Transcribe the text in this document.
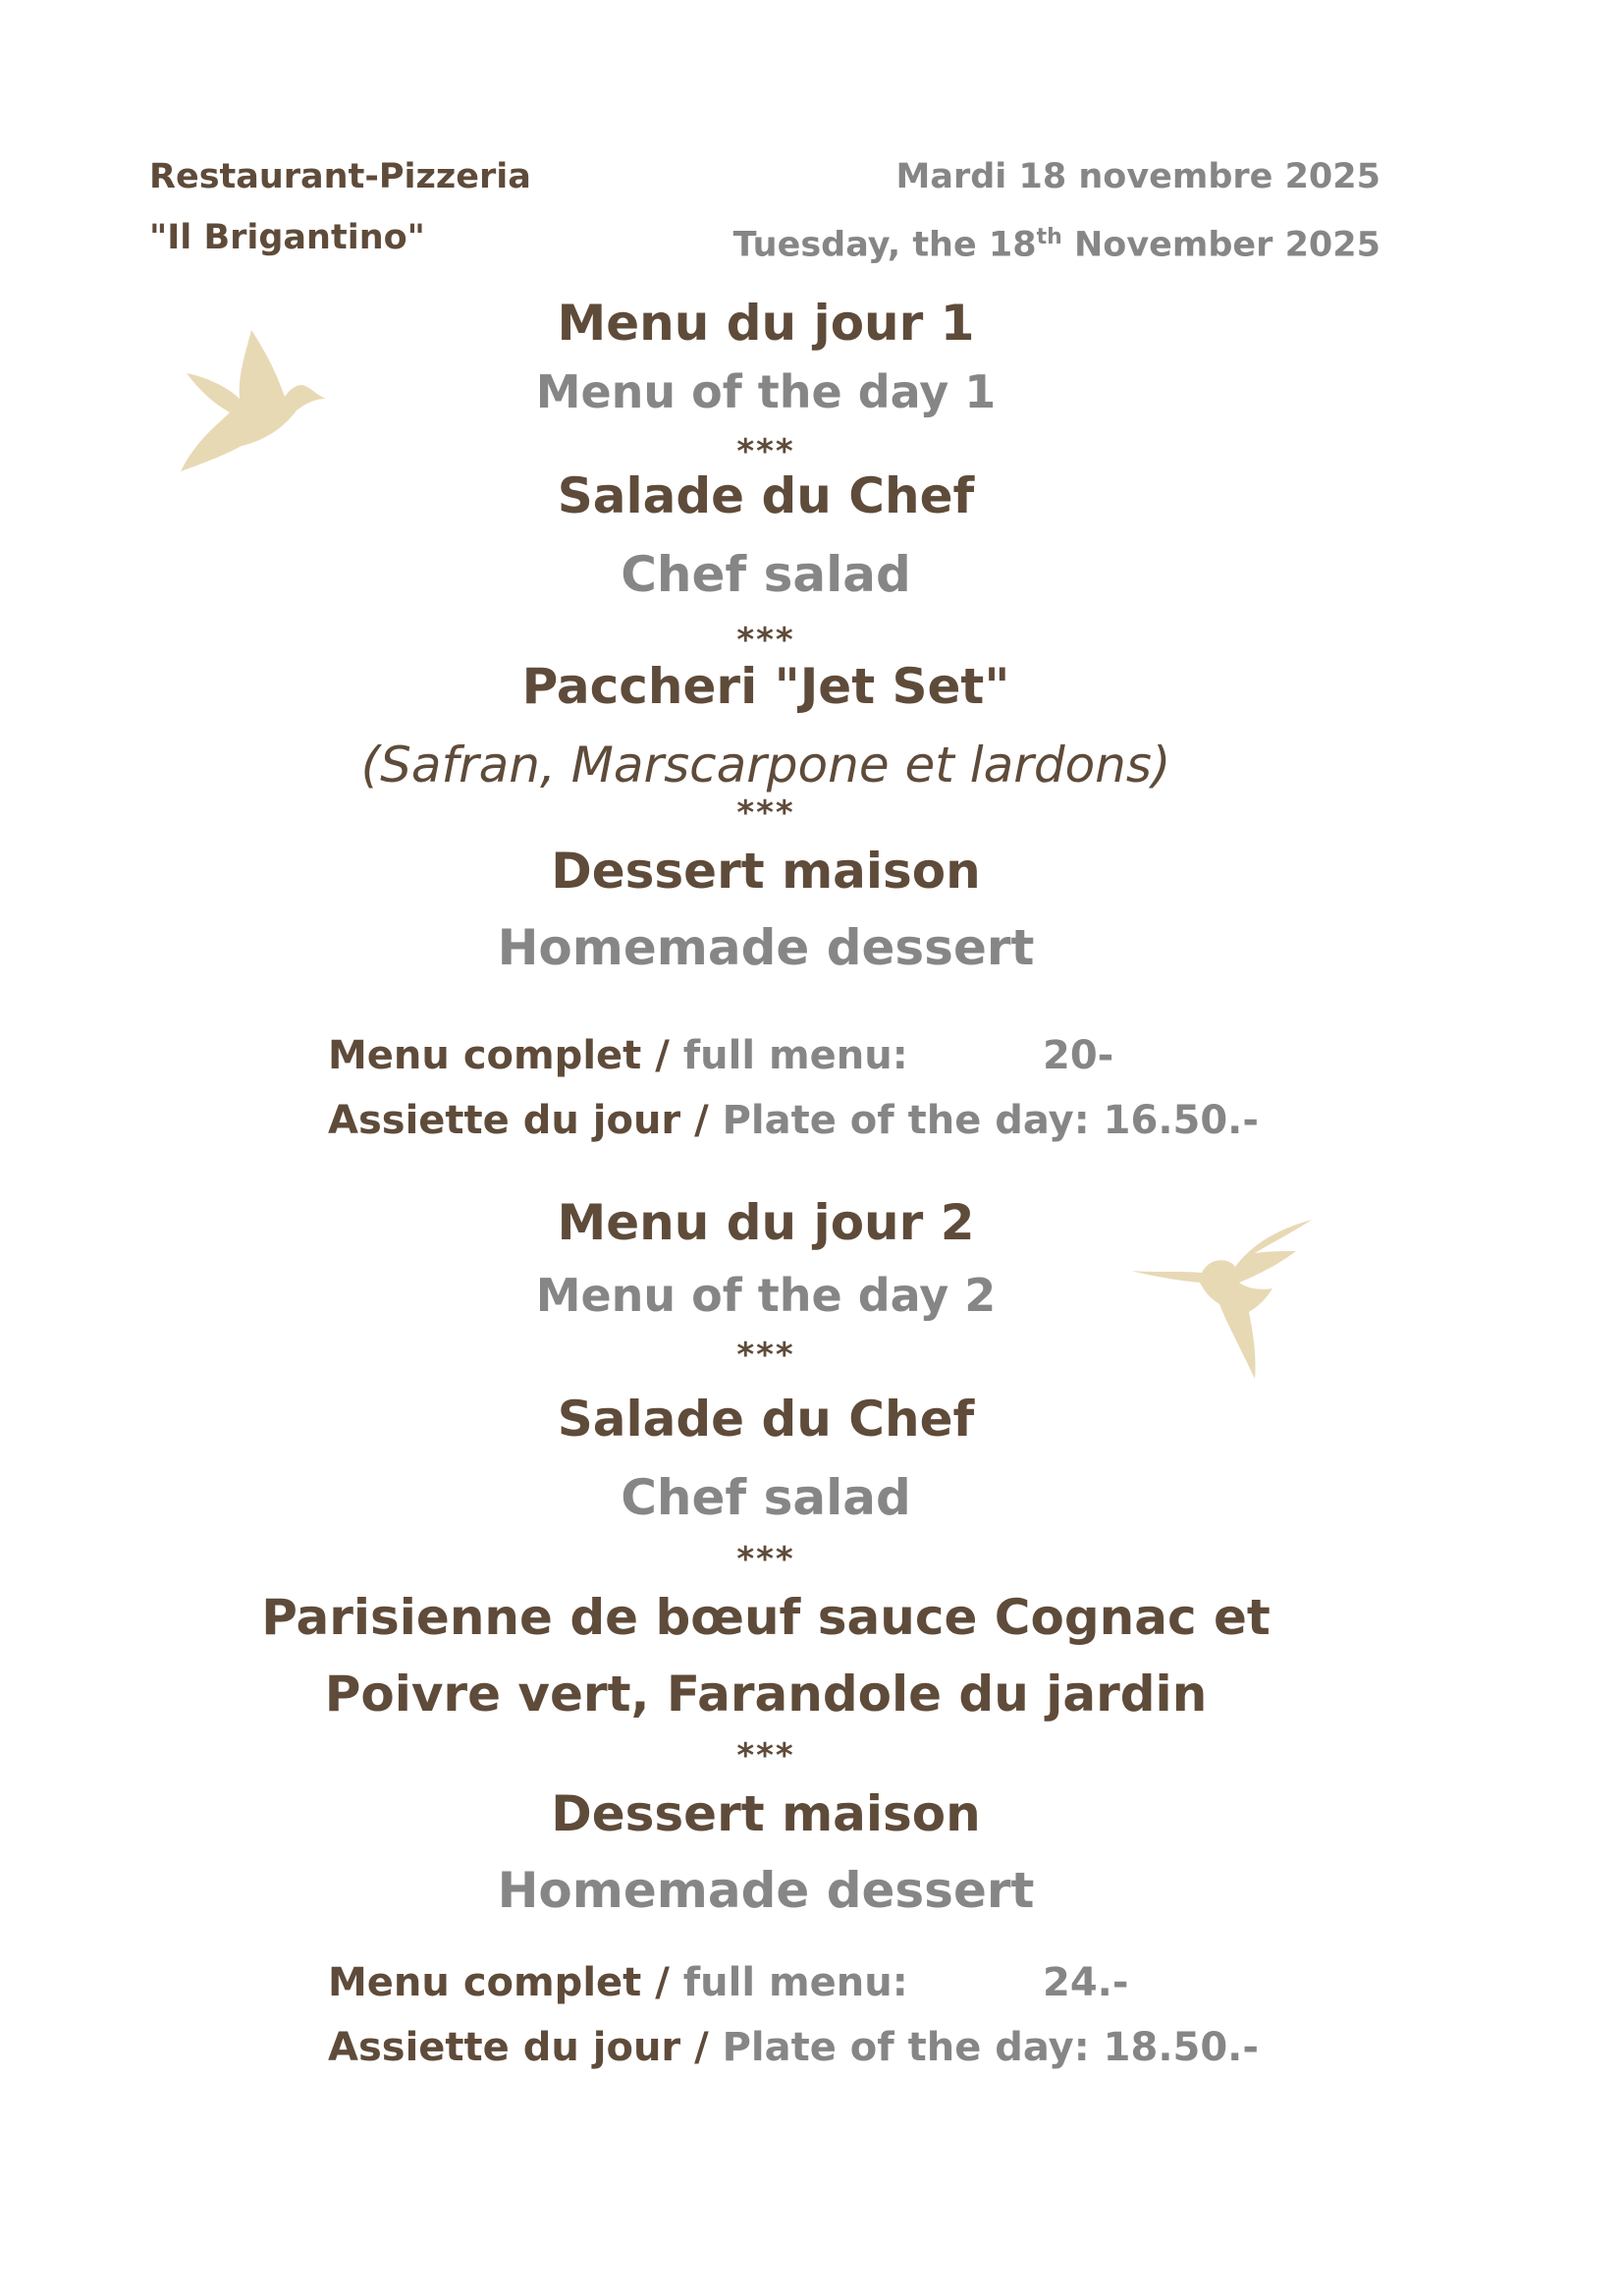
Restaurant-Pizzeria
"Il Brigantino"
Mardi 18 novembre 2025
Tuesday, the 18th November 2025
Menu du jour 1
Menu of the day 1
***
Salade du Chef
Chef salad
***
Paccheri "Jet Set"
(Safran, Marscarpone et lardons)
***
Dessert maison
Homemade dessert
Menu complet / full menu:	20-
Assiette du jour / Plate of the day: 16.50.-
Menu du jour 2
Menu of the day 2
***
Salade du Chef
Chef salad
***
Parisienne de bœuf sauce Cognac et
Poivre vert, Farandole du jardin
***
Dessert maison
Homemade dessert
Menu complet / full menu:	24.-
Assiette du jour / Plate of the day: 18.50.-
